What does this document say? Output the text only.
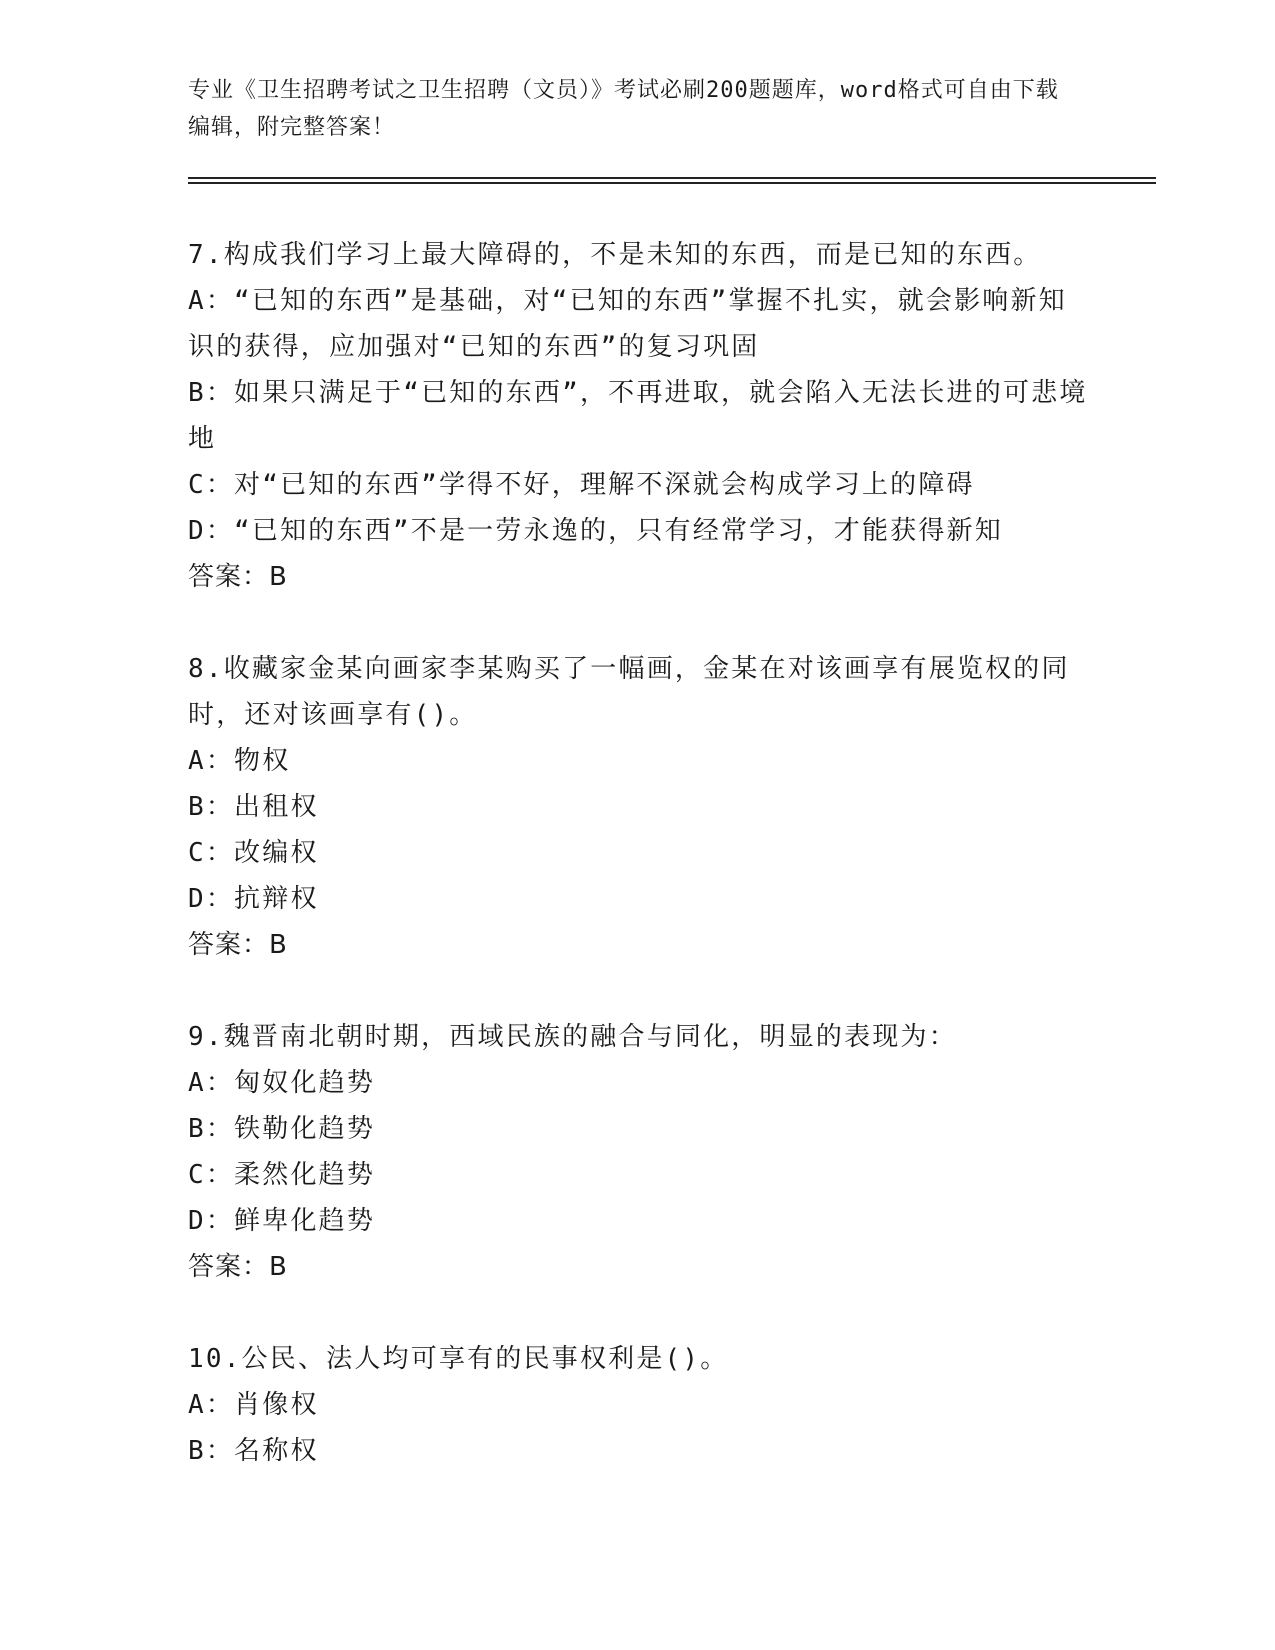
专业《卫生招聘考试之卫生招聘（文员）》考试必刷200题题库，word格式可自由下载编辑，附完整答案！
7.构成我们学习上最大障碍的，不是未知的东西，而是已知的东西。
A：“已知的东西”是基础，对“已知的东西”掌握不扎实，就会影响新知识的获得，应加强对“已知的东西”的复习巩固
B：如果只满足于“已知的东西”，不再进取，就会陷入无法长进的可悲境地
C：对“已知的东西”学得不好，理解不深就会构成学习上的障碍
D：“已知的东西”不是一劳永逸的，只有经常学习，才能获得新知
答案：B
8.收藏家金某向画家李某购买了一幅画，金某在对该画享有展览权的同时，还对该画享有()。
A：物权
B：出租权
C：改编权
D：抗辩权
答案：B
9.魏晋南北朝时期，西域民族的融合与同化，明显的表现为：
A：匈奴化趋势
B：铁勒化趋势
C：柔然化趋势
D：鲜卑化趋势
答案：B
10.公民、法人均可享有的民事权利是()。
A：肖像权
B：名称权
